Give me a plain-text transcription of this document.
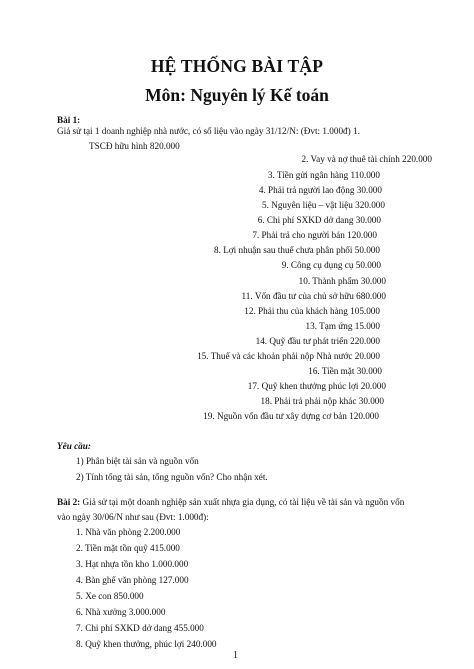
HỆ THỐNG BÀI TẬP
Môn: Nguyên lý Kế toán
Bài 1:
Giả sử tại 1 doanh nghiệp nhà nước, có số liệu vào ngày 31/12/N: (Đvt: 1.000đ) 1.
TSCĐ hữu hình 820.000
2. Vay và nợ thuê tài chính 220.000
3. Tiền gửi ngân hàng 110.000
4. Phải trả người lao động 30.000
5. Nguyên liệu – vật liệu 320.000
6. Chi phí SXKD dở dang 30.000
7. Phải trả cho người bán 120.000
8. Lợi nhuận sau thuế chưa phân phối 50.000
9. Công cụ dụng cụ 50.000
10. Thành phẩm 30.000
11. Vốn đầu tư của chủ sở hữu 680.000
12. Phải thu của khách hàng 105.000
13. Tạm ứng 15.000
14. Quỹ đầu tư phát triển 220.000
15. Thuế và các khoản phải nộp Nhà nước 20.000
16. Tiền mặt 30.000
17. Quỹ khen thưởng phúc lợi 20.000
18. Phải trả phải nộp khác 30.000
19. Nguồn vốn đầu tư xây dựng cơ bản 120.000
Yêu cầu:
1) Phân biệt tài sản và nguồn vốn
2) Tính tổng tài sản, tổng nguồn vốn? Cho nhận xét.
Bài 2: Giả sử tại một doanh nghiệp sản xuất nhựa gia dụng, có tài liệu về tài sản và nguồn vốn
vào ngày 30/06/N như sau (Đvt: 1.000đ):
1. Nhà văn phòng 2.200.000
2. Tiền mặt tồn quỹ 415.000
3. Hạt nhựa tồn kho 1.000.000
4. Bàn ghế văn phòng 127.000
5. Xe con 850.000
6. Nhà xưởng 3.000.000
7. Chi phí SXKD dở dang 455.000
8. Quỹ khen thưởng, phúc lợi 240.000
1
